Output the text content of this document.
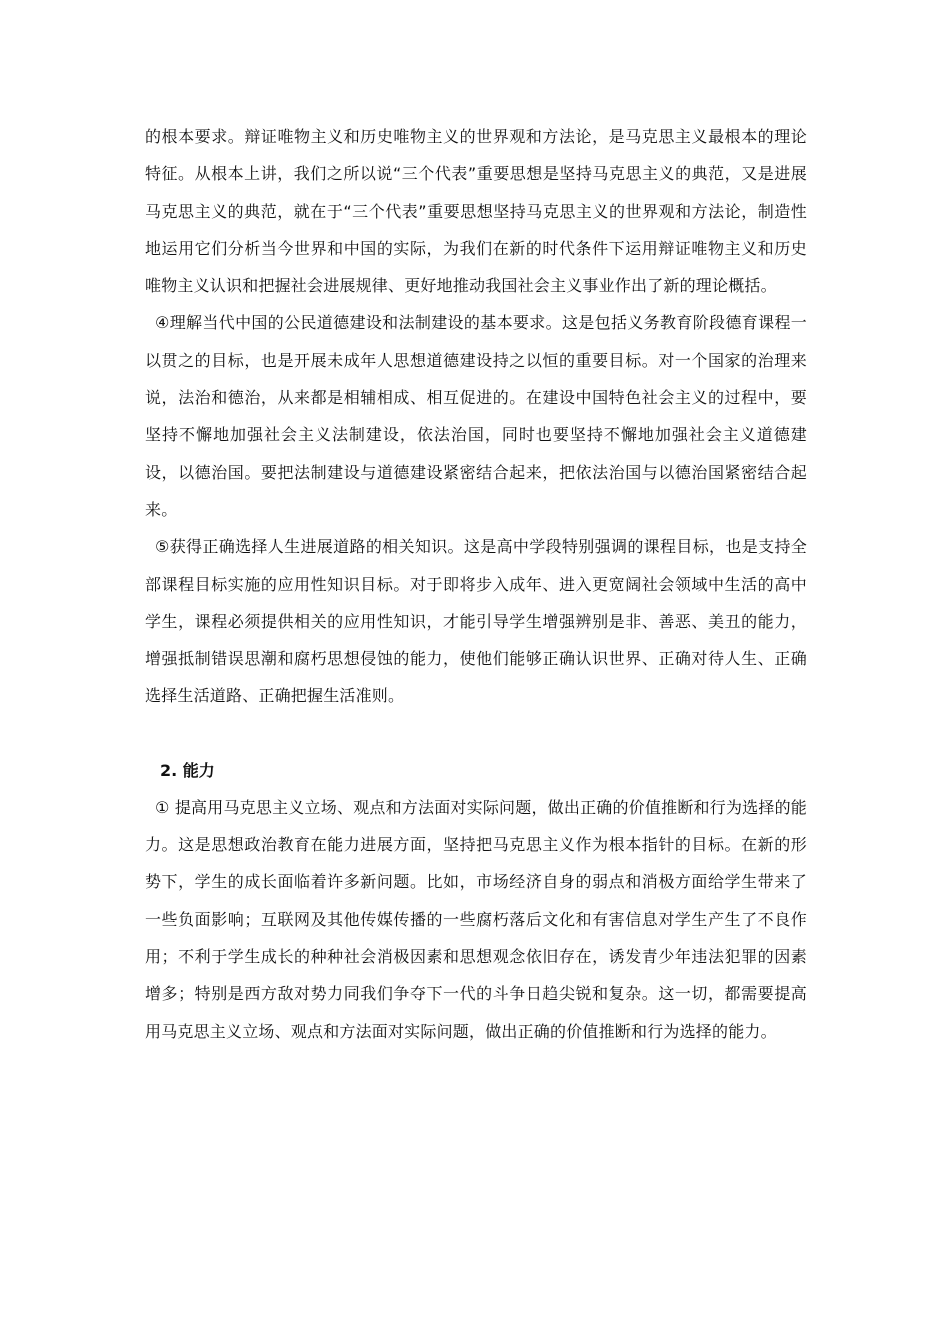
的根本要求。辩证唯物主义和历史唯物主义的世界观和方法论，是马克思主义最根本的理论特征。从根本上讲，我们之所以说“三个代表”重要思想是坚持马克思主义的典范，又是进展马克思主义的典范，就在于“三个代表”重要思想坚持马克思主义的世界观和方法论，制造性地运用它们分析当今世界和中国的实际，为我们在新的时代条件下运用辩证唯物主义和历史唯物主义认识和把握社会进展规律、更好地推动我国社会主义事业作出了新的理论概括。

④理解当代中国的公民道德建设和法制建设的基本要求。这是包括义务教育阶段德育课程一以贯之的目标，也是开展未成年人思想道德建设持之以恒的重要目标。对一个国家的治理来说，法治和德治，从来都是相辅相成、相互促进的。在建设中国特色社会主义的过程中，要坚持不懈地加强社会主义法制建设，依法治国，同时也要坚持不懈地加强社会主义道德建设，以德治国。要把法制建设与道德建设紧密结合起来，把依法治国与以德治国紧密结合起来。

⑤获得正确选择人生进展道路的相关知识。这是高中学段特别强调的课程目标，也是支持全部课程目标实施的应用性知识目标。对于即将步入成年、进入更宽阔社会领域中生活的高中学生，课程必须提供相关的应用性知识，才能引导学生增强辨别是非、善恶、美丑的能力，增强抵制错误思潮和腐朽思想侵蚀的能力，使他们能够正确认识世界、正确对待人生、正确选择生活道路、正确把握生活准则。

2. 能力

① 提高用马克思主义立场、观点和方法面对实际问题，做出正确的价值推断和行为选择的能力。这是思想政治教育在能力进展方面，坚持把马克思主义作为根本指针的目标。在新的形势下，学生的成长面临着许多新问题。比如，市场经济自身的弱点和消极方面给学生带来了一些负面影响；互联网及其他传媒传播的一些腐朽落后文化和有害信息对学生产生了不良作用；不利于学生成长的种种社会消极因素和思想观念依旧存在，诱发青少年违法犯罪的因素增多；特别是西方敌对势力同我们争夺下一代的斗争日趋尖锐和复杂。这一切，都需要提高用马克思主义立场、观点和方法面对实际问题，做出正确的价值推断和行为选择的能力。
